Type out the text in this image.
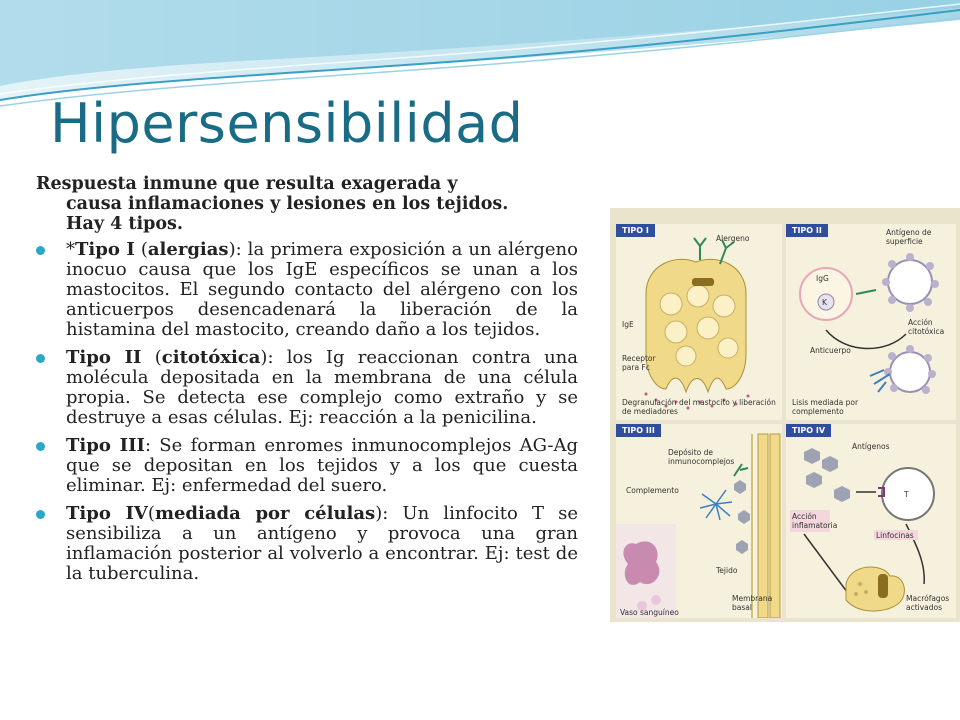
Hipersensibilidad

Respuesta inmune que resulta exagerada y
causa inflamaciones y lesiones en los tejidos.
Hay 4 tipos.

*Tipo I (alergias): la primera exposición a un alérgeno inocuo causa que los IgE específicos se unan a los mastocitos. El segundo contacto del alérgeno con los anticuerpos desencadenará la liberación de la histamina del mastocito, creando daño a los tejidos.
Tipo II (citotóxica): los Ig reaccionan contra una molécula depositada en la membrana de una célula propia. Se detecta ese complejo como extraño y se destruye a esas células. Ej: reacción a la penicilina.
Tipo III: Se forman enromes inmunocomplejos AG-Ag que se depositan en los tejidos y a los que cuesta eliminar. Ej: enfermedad del suero.
Tipo IV(mediada por células): Un linfocito T se sensibiliza a un antígeno y provoca una gran inflamación posterior al volverlo a encontrar. Ej: test de la tuberculina.
TIPO I
Alergeno
IgE
Receptor para Fc
Degranulación del mastocito y liberación de mediadores
TIPO II	Antígeno de superficie
IgG
K
Acción citotóxica
Anticuerpo
Lisis mediada por complemento
TIPO III
Depósito de inmunocomplejos
Complemento
Tejido
Membrana basal
Vaso sanguíneo
TIPO IV
Antígenos
T
Acción inflamatoria
Linfocinas
Macrófagos activados
